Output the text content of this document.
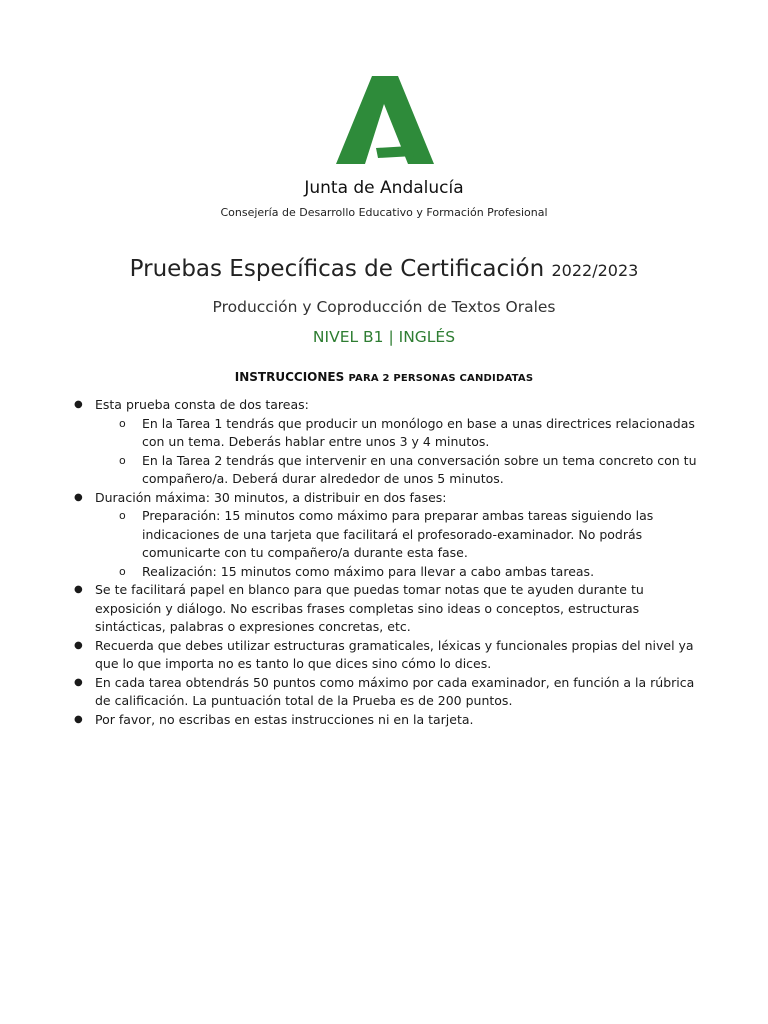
Junta de Andalucía
Consejería de Desarrollo Educativo y Formación Profesional
Pruebas Específicas de Certificación 2022/2023
Producción y Coproducción de Textos Orales
NIVEL B1 | INGLÉS
INSTRUCCIONES PARA 2 PERSONAS CANDIDATAS
● Esta prueba consta de dos tareas:
o En la Tarea 1 tendrás que producir un monólogo en base a unas directrices relacionadas con un tema. Deberás hablar entre unos 3 y 4 minutos.
o En la Tarea 2 tendrás que intervenir en una conversación sobre un tema concreto con tu compañero/a. Deberá durar alrededor de unos 5 minutos.
● Duración máxima: 30 minutos, a distribuir en dos fases:
o Preparación: 15 minutos como máximo para preparar ambas tareas siguiendo las indicaciones de una tarjeta que facilitará el profesorado-examinador. No podrás comunicarte con tu compañero/a durante esta fase.
o Realización: 15 minutos como máximo para llevar a cabo ambas tareas.
● Se te facilitará papel en blanco para que puedas tomar notas que te ayuden durante tu exposición y diálogo. No escribas frases completas sino ideas o conceptos, estructuras sintácticas, palabras o expresiones concretas, etc.
● Recuerda que debes utilizar estructuras gramaticales, léxicas y funcionales propias del nivel ya que lo que importa no es tanto lo que dices sino cómo lo dices.
● En cada tarea obtendrás 50 puntos como máximo por cada examinador, en función a la rúbrica de calificación. La puntuación total de la Prueba es de 200 puntos.
● Por favor, no escribas en estas instrucciones ni en la tarjeta.
